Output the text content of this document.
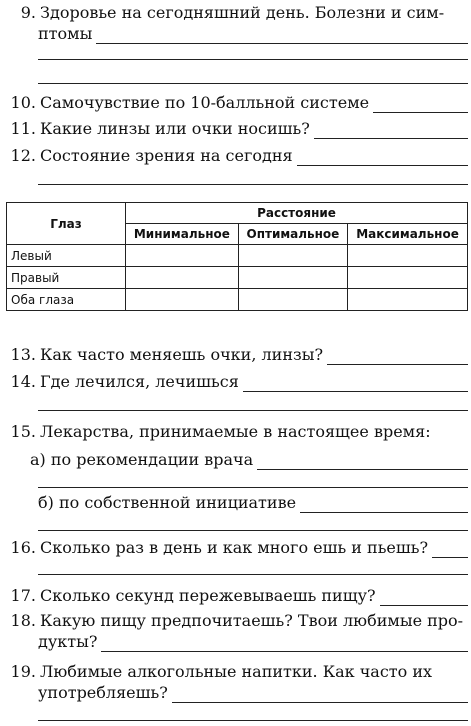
9. Здоровье на сегодняшний день. Болезни и сим-
птомы
10. Самочувствие по 10-балльной системе
11. Какие линзы или очки носишь?
12. Состояние зрения на сегодня
Глаз	Расстояние		
	Минимальное	Оптимальное	Максимальное
Левый			
Правый			
Оба глаза			
13. Как часто меняешь очки, линзы?
14. Где лечился, лечишься
15. Лекарства, принимаемые в настоящее время:
а) по рекомендации врача
б) по собственной инициативе
16. Сколько раз в день и как много ешь и пьешь?
17. Сколько секунд пережевываешь пищу?
18. Какую пищу предпочитаешь? Твои любимые про-
дукты?
19. Любимые алкогольные напитки. Как часто их
употребляешь?
